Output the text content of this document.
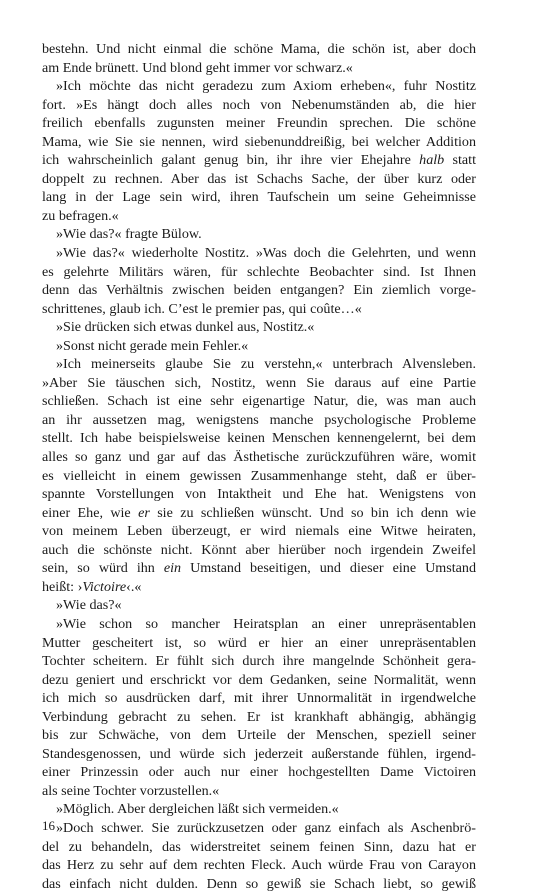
bestehn. Und nicht einmal die schöne Mama, die schön ist, aber doch
am Ende brünett. Und blond geht immer vor schwarz.«
»Ich möchte das nicht geradezu zum Axiom erheben«, fuhr Nostitz
fort. »Es hängt doch alles noch von Nebenumständen ab, die hier
freilich ebenfalls zugunsten meiner Freundin sprechen. Die schöne
Mama, wie Sie sie nennen, wird siebenunddreißig, bei welcher Addition
ich wahrscheinlich galant genug bin, ihr ihre vier Ehejahre halb statt
doppelt zu rechnen. Aber das ist Schachs Sache, der über kurz oder
lang in der Lage sein wird, ihren Taufschein um seine Geheimnisse
zu befragen.«
»Wie das?« fragte Bülow.
»Wie das?« wiederholte Nostitz. »Was doch die Gelehrten, und wenn
es gelehrte Militärs wären, für schlechte Beobachter sind. Ist Ihnen
denn das Verhältnis zwischen beiden entgangen? Ein ziemlich vorge-
schrittenes, glaub ich. C’est le premier pas, qui coûte…«
»Sie drücken sich etwas dunkel aus, Nostitz.«
»Sonst nicht gerade mein Fehler.«
»Ich meinerseits glaube Sie zu verstehn,« unterbrach Alvensleben.
»Aber Sie täuschen sich, Nostitz, wenn Sie daraus auf eine Partie
schließen. Schach ist eine sehr eigenartige Natur, die, was man auch
an ihr aussetzen mag, wenigstens manche psychologische Probleme
stellt. Ich habe beispielsweise keinen Menschen kennengelernt, bei dem
alles so ganz und gar auf das Ästhetische zurückzuführen wäre, womit
es vielleicht in einem gewissen Zusammenhange steht, daß er über-
spannte Vorstellungen von Intaktheit und Ehe hat. Wenigstens von
einer Ehe, wie er sie zu schließen wünscht. Und so bin ich denn wie
von meinem Leben überzeugt, er wird niemals eine Witwe heiraten,
auch die schönste nicht. Könnt aber hierüber noch irgendein Zweifel
sein, so würd ihn ein Umstand beseitigen, und dieser eine Umstand
heißt: ›Victoire‹.«
»Wie das?«
»Wie schon so mancher Heiratsplan an einer unrepräsentablen
Mutter gescheitert ist, so würd er hier an einer unrepräsentablen
Tochter scheitern. Er fühlt sich durch ihre mangelnde Schönheit gera-
dezu geniert und erschrickt vor dem Gedanken, seine Normalität, wenn
ich mich so ausdrücken darf, mit ihrer Unnormalität in irgendwelche
Verbindung gebracht zu sehen. Er ist krankhaft abhängig, abhängig
bis zur Schwäche, von dem Urteile der Menschen, speziell seiner
Standesgenossen, und würde sich jederzeit außerstande fühlen, irgend-
einer Prinzessin oder auch nur einer hochgestellten Dame Victoiren
als seine Tochter vorzustellen.«
»Möglich. Aber dergleichen läßt sich vermeiden.«
»Doch schwer. Sie zurückzusetzen oder ganz einfach als Aschenbrö-
del zu behandeln, das widerstreitet seinem feinen Sinn, dazu hat er
das Herz zu sehr auf dem rechten Fleck. Auch würde Frau von Carayon
das einfach nicht dulden. Denn so gewiß sie Schach liebt, so gewiß
16
